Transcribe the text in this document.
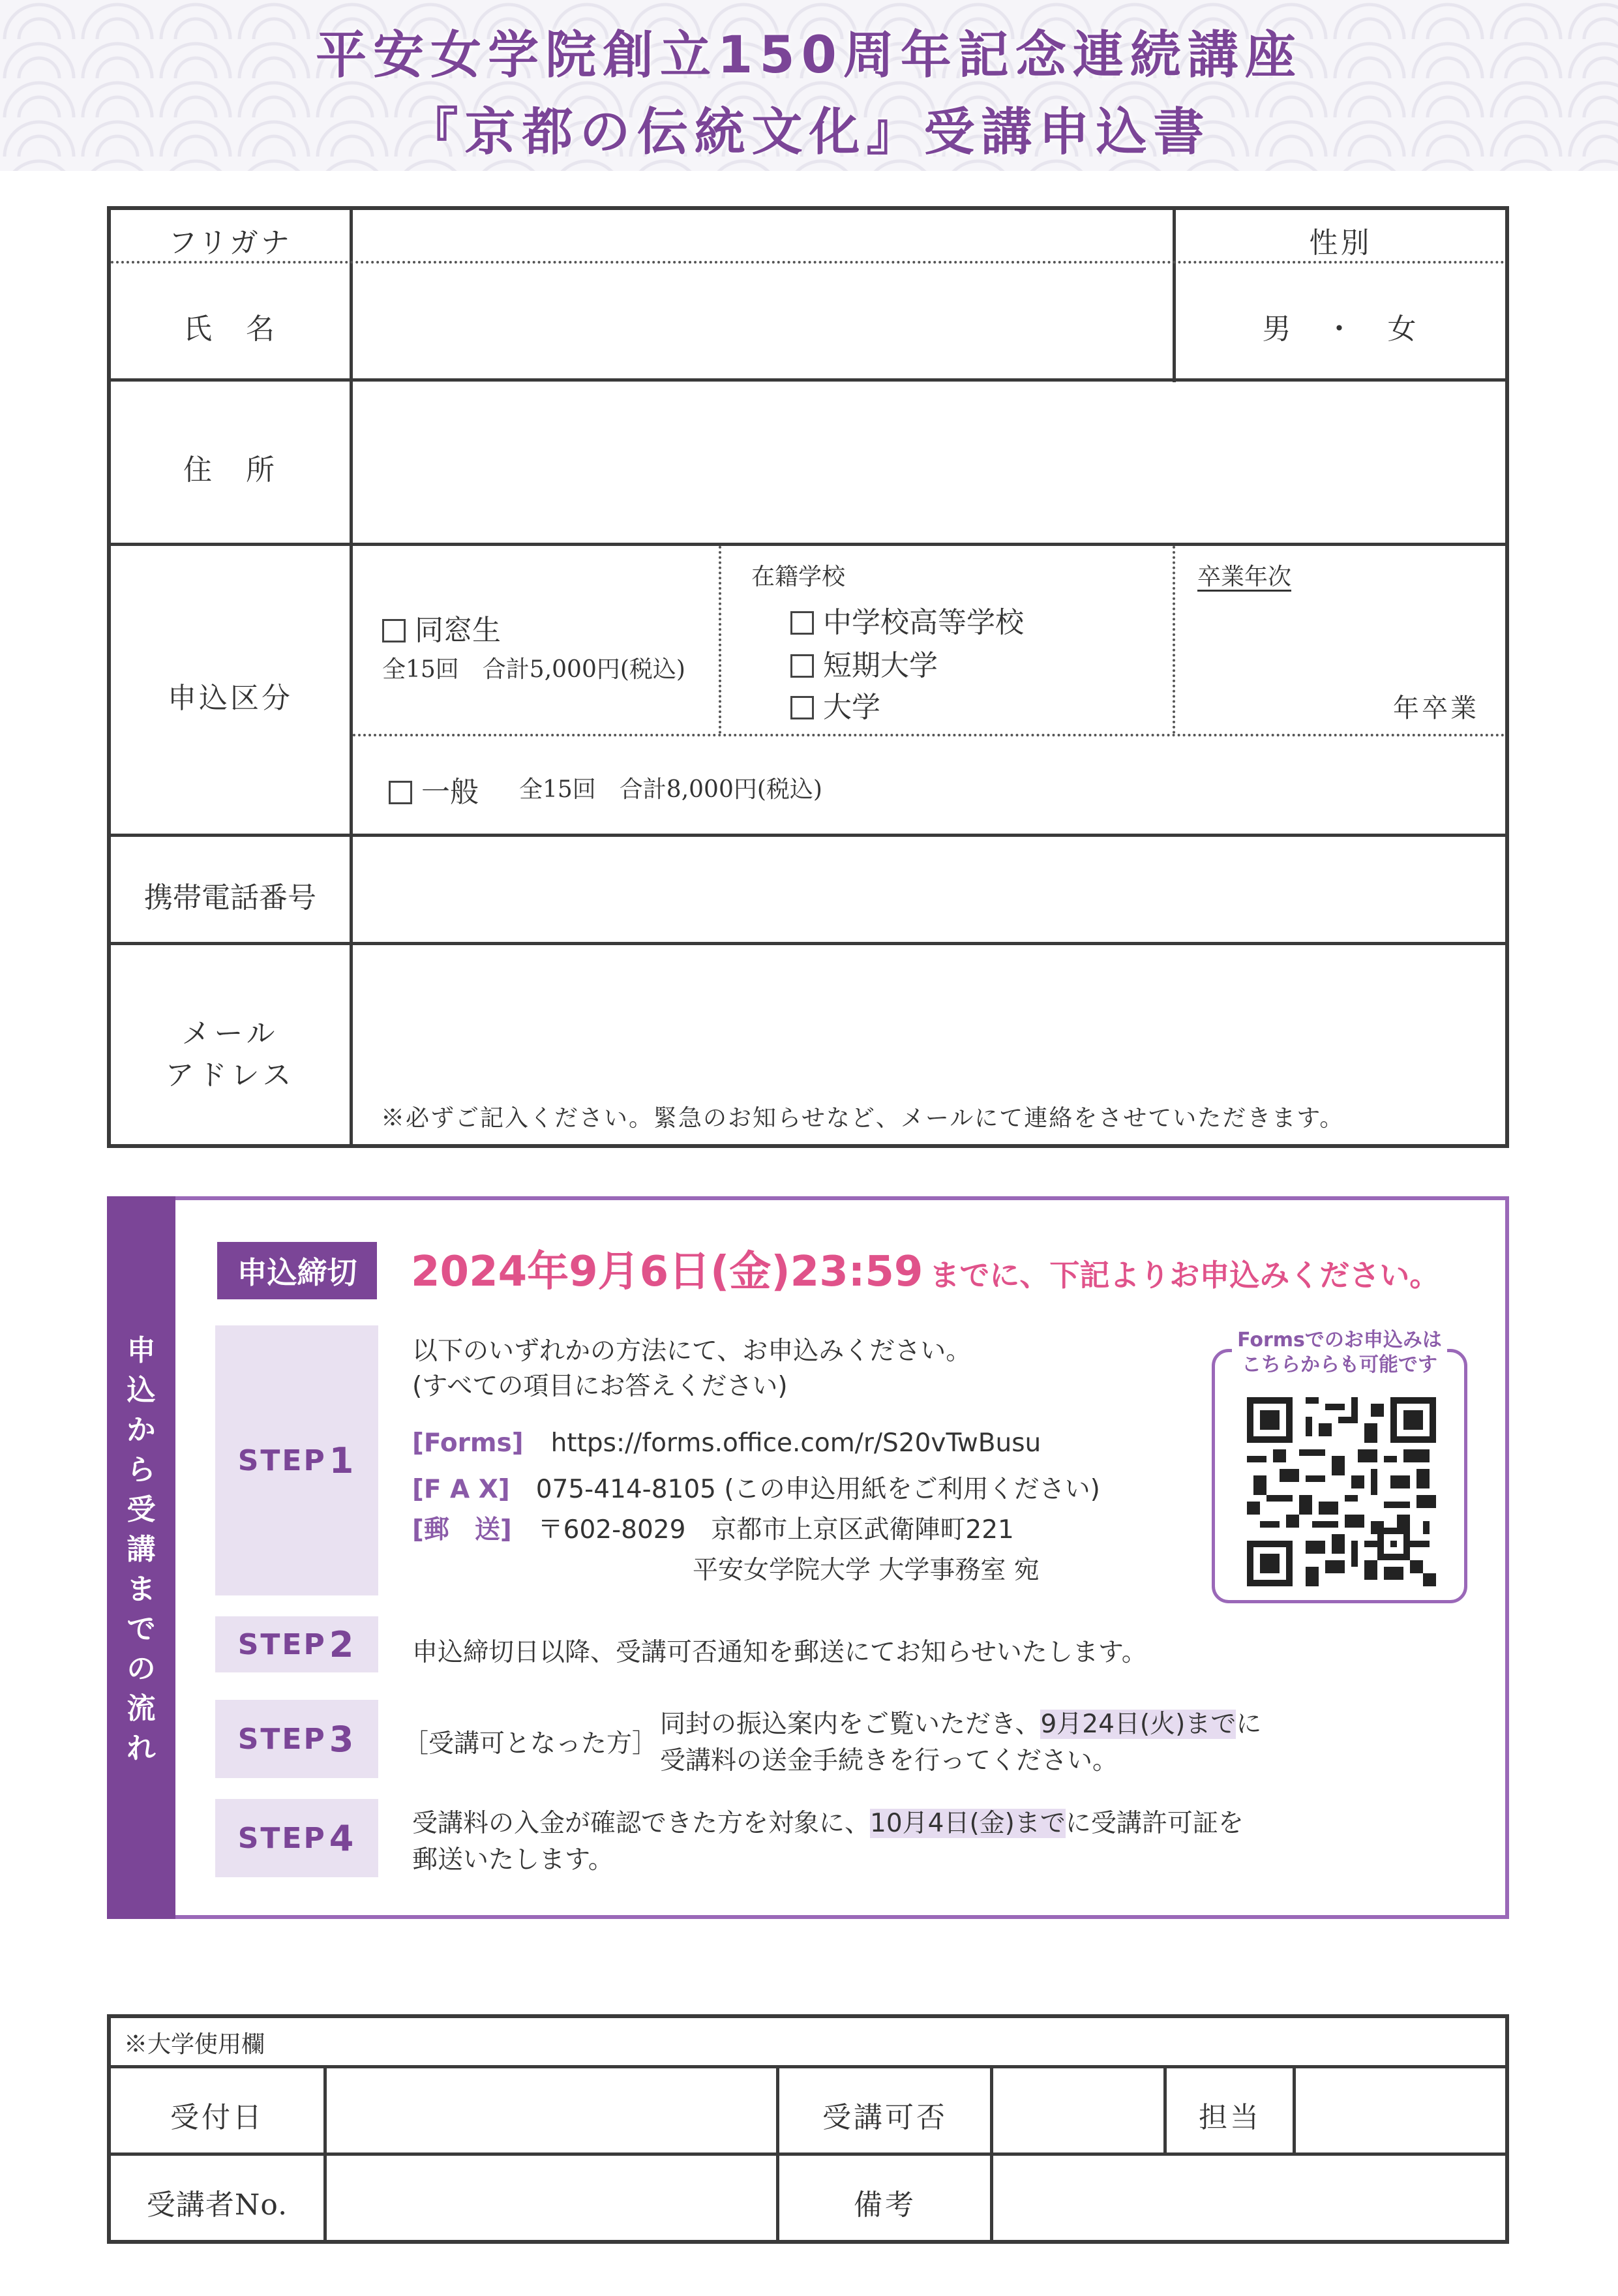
平安女学院創立150周年記念連続講座
『京都の伝統文化』受講申込書
フリガナ	性別
氏　名	男　・　女
住　所
申込区分
同窓生
全15回　合計5,000円(税込)
在籍学校
中学校高等学校
短期大学
大学
卒業年次
年卒業
一般 全15回　合計8,000円(税込)
携帯電話番号
メール
アドレス
※必ずご記入ください。緊急のお知らせなど、メールにて連絡をさせていただきます。
申
込
か
ら
受
講
ま
で
の
流
れ
申込締切	2024年9月6日(金)23:59 までに、下記よりお申込みください。
STEP 1
以下のいずれかの方法にて、お申込みください。
(すべての項目にお答えください)
[Forms] https://forms.office.com/r/S20vTwBusu
[F A X] 075-414-8105 (この申込用紙をご利用ください)
[郵　送] 〒602-8029　京都市上京区武衛陣町221
平安女学院大学 大学事務室 宛
Formsでのお申込みは
こちらからも可能です
STEP 2 申込締切日以降、受講可否通知を郵送にてお知らせいたします。
STEP 3 ［受講可となった方］
同封の振込案内をご覧いただき、9月24日(火)までに
受講料の送金手続きを行ってください。
STEP 4 受講料の入金が確認できた方を対象に、10月4日(金)までに受講許可証を
郵送いたします。
※大学使用欄
受付日	受講可否	担当
受講者No.	備考
